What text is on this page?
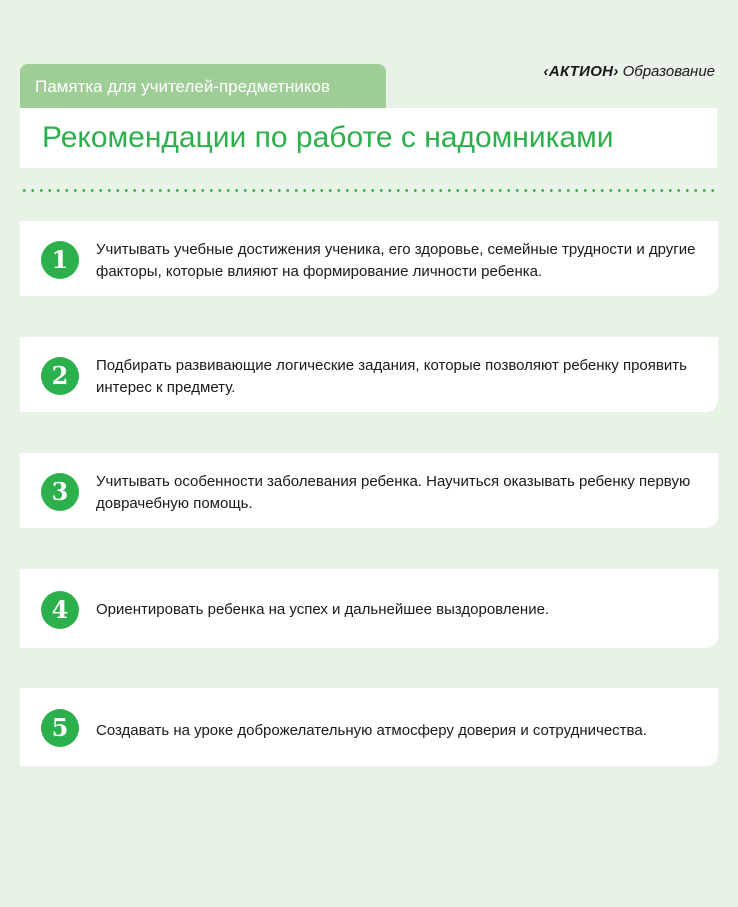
Памятка для учителей-предметников
‹АКТИОН› Образование
Рекомендации по работе с надомниками
1	Учитывать учебные достижения ученика, его здоровье, семейные трудности и другие факторы, которые влияют на формирование личности ребенка.

2	Подбирать развивающие логические задания, которые позволяют ребенку проявить интерес к предмету.

3	Учитывать особенности заболевания ребенка. Научиться оказывать ребенку первую доврачебную помощь.

4	Ориентировать ребенка на успех и дальнейшее выздоровление.

5	Создавать на уроке доброжелательную атмосферу доверия и сотрудничества.
